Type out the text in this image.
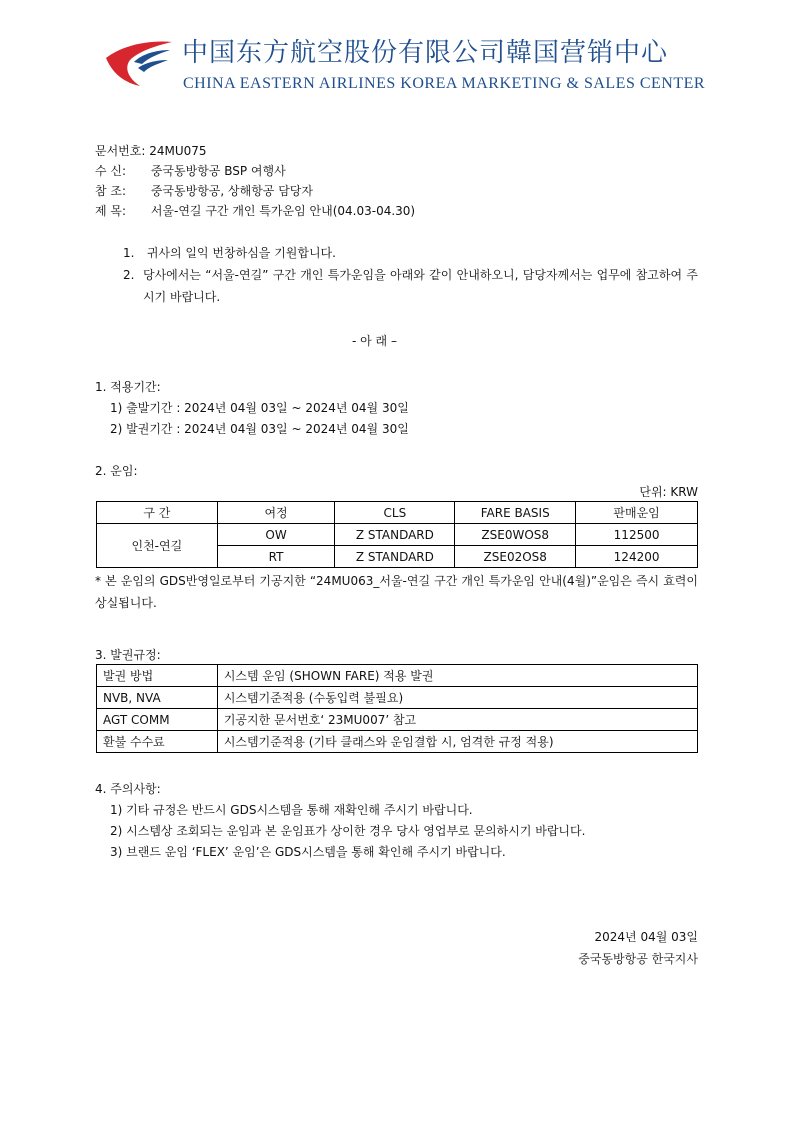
中国东方航空股份有限公司韓国营销中心
CHINA EASTERN AIRLINES KOREA MARKETING & SALES CENTER
문서번호: 24MU075
수 신: 중국동방항공 BSP 여행사
참 조: 중국동방항공, 상해항공 담당자
제 목: 서울-연길 구간 개인 특가운임 안내(04.03-04.30)
1. 귀사의 일익 번창하심을 기원합니다.
2. 당사에서는 “서울-연길” 구간 개인 특가운임을 아래와 같이 안내하오니, 담당자께서는 업무에 참고하여 주시기 바랍니다.
- 아 래 –
1. 적용기간:
1) 출발기간 : 2024년 04월 03일 ~ 2024년 04월 30일
2) 발권기간 : 2024년 04월 03일 ~ 2024년 04월 30일
2. 운임:
단위: KRW
구 간	여정	CLS	FARE BASIS	판매운임
인천-연길	OW	Z STANDARD	ZSE0WOS8	112500
	RT	Z STANDARD	ZSE02OS8	124200
* 본 운임의 GDS반영일로부터 기공지한 “24MU063_서울-연길 구간 개인 특가운임 안내(4월)”운임은 즉시 효력이 상실됩니다.
3. 발권규정:
발권 방법	시스템 운임 (SHOWN FARE) 적용 발권
NVB, NVA	시스템기준적용 (수동입력 불필요)
AGT COMM	기공지한 문서번호‘ 23MU007’ 참고
환불 수수료	시스템기준적용 (기타 클래스와 운임결합 시, 엄격한 규정 적용)
4. 주의사항:
1) 기타 규정은 반드시 GDS시스템을 통해 재확인해 주시기 바랍니다.
2) 시스템상 조회되는 운임과 본 운임표가 상이한 경우 당사 영업부로 문의하시기 바랍니다.
3) 브랜드 운임 ‘FLEX’ 운임’은 GDS시스템을 통해 확인해 주시기 바랍니다.
2024년 04월 03일
중국동방항공 한국지사
